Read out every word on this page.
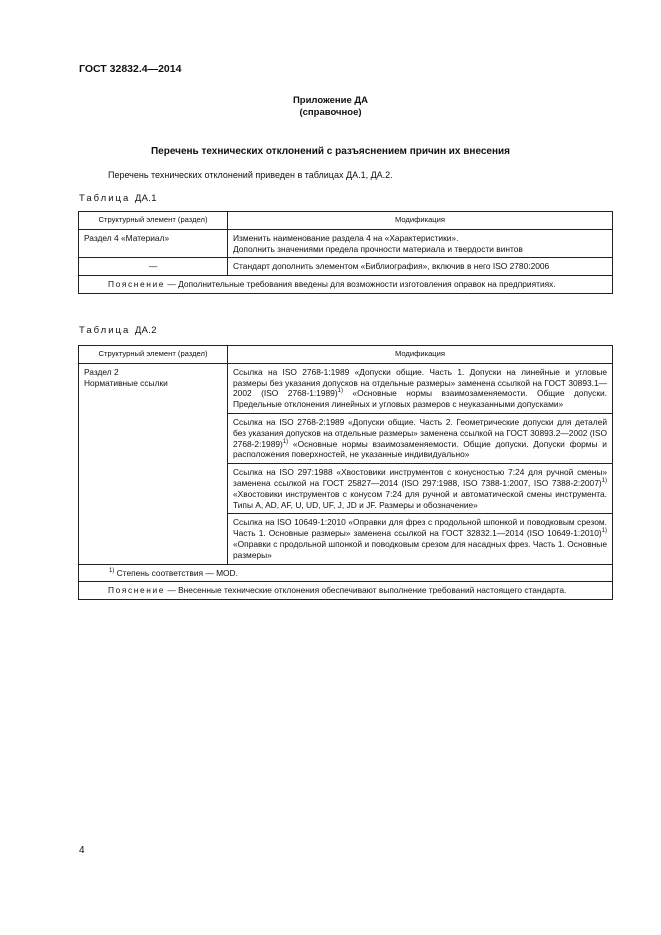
ГОСТ 32832.4—2014
Приложение ДА
(справочное)
Перечень технических отклонений с разъяснением причин их внесения
Перечень технических отклонений приведен в таблицах ДА.1, ДА.2.
Таблица ДА.1
Структурный элемент (раздел)	Модификация
Раздел 4 «Материал»	Изменить наименование раздела 4 на «Характеристики».
Дополнить значениями предела прочности материала и твердости винтов

—	Стандарт дополнить элементом «Библиография», включив в него ISO 2780:2006
Пояснение — Дополнительные требования введены для возможности изготовления оправок на предприятиях.	
Таблица ДА.2
Структурный элемент (раздел)	Модификация

Раздел 2
Нормативные ссылки	Ссылка на ISO 2768-1:1989 «Допуски общие. Часть 1. Допуски на линейные и угловые размеры без указания допусков на отдельные размеры» заменена ссылкой на ГОСТ 30893.1—2002 (ISO 2768-1:1989)$^{1)}$ «Основные нормы взаимозаменяемости. Общие допуски. Предельные отклонения линейных и угловых размеров с неуказанными допусками»
	Ссылка на ISO 2768-2:1989 «Допуски общие. Часть 2. Геометрические допуски для деталей без указания допусков на отдельные размеры» заменена ссылкой на ГОСТ 30893.2—2002 (ISO 2768-2:1989)$^{1)}$ «Основные нормы взаимозаменяемости. Общие допуски. Допуски формы и расположения поверхностей, не указанные индивидуально»
	Ссылка на ISO 297:1988 «Хвостовики инструментов с конусностью 7:24 для ручной смены» заменена ссылкой на ГОСТ 25827—2014 (ISO 297:1988, ISO 7388-1:2007, ISO 7388-2:2007)$^{1)}$ «Хвостовики инструментов с конусом 7:24 для ручной и автоматической смены инструмента. Типы A, AD, AF, U, UD, UF, J, JD и JF. Размеры и обозначение»
	Ссылка на ISO 10649-1:2010 «Оправки для фрез с продольной шпонкой и поводковым срезом. Часть 1. Основные размеры» заменена ссылкой на ГОСТ 32832.1—2014 (ISO 10649-1:2010)$^{1)}$ «Оправки с продольной шпонкой и поводковым срезом для насадных фрез. Часть 1. Основные размеры»
$^{1)}$ Степень соответствия — MOD.	
Пояснение — Внесенные технические отклонения обеспечивают выполнение требований настоящего стандарта.	
4
